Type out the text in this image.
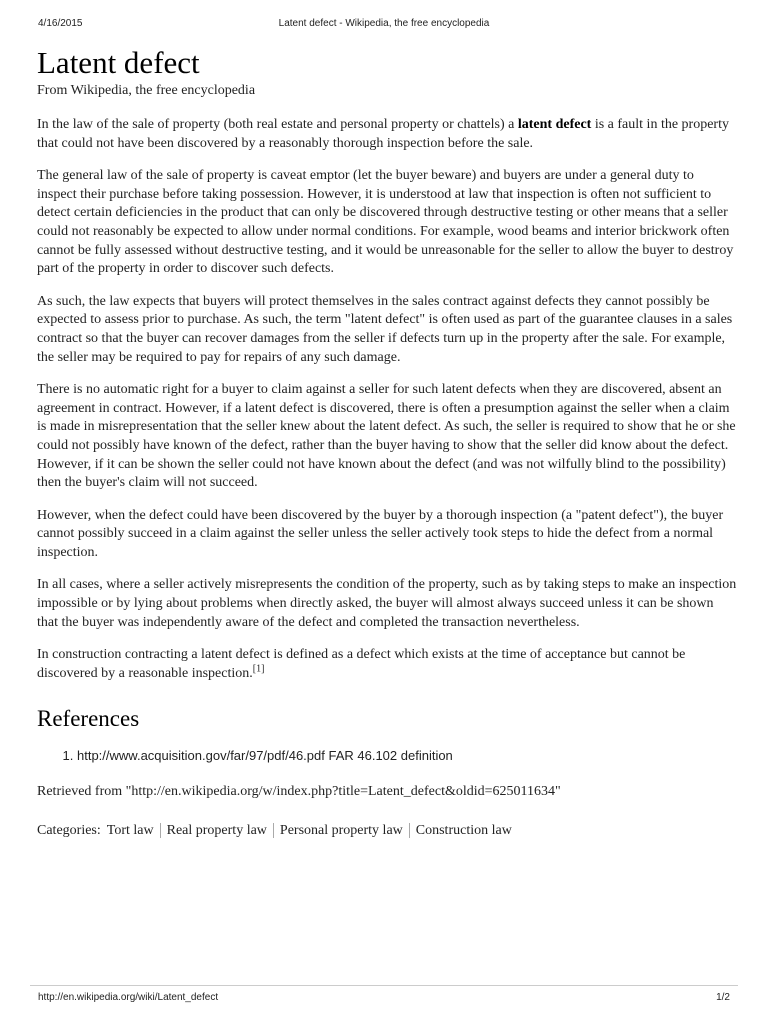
4/16/2015	Latent defect - Wikipedia, the free encyclopedia
Latent defect
From Wikipedia, the free encyclopedia

In the law of the sale of property (both real estate and personal property or chattels) a latent defect is a fault in the property that could not have been discovered by a reasonably thorough inspection before the sale.

The general law of the sale of property is caveat emptor (let the buyer beware) and buyers are under a general duty to inspect their purchase before taking possession. However, it is understood at law that inspection is often not sufficient to detect certain deficiencies in the product that can only be discovered through destructive testing or other means that a seller could not reasonably be expected to allow under normal conditions. For example, wood beams and interior brickwork often cannot be fully assessed without destructive testing, and it would be unreasonable for the seller to allow the buyer to destroy part of the property in order to discover such defects.

As such, the law expects that buyers will protect themselves in the sales contract against defects they cannot possibly be expected to assess prior to purchase. As such, the term "latent defect" is often used as part of the guarantee clauses in a sales contract so that the buyer can recover damages from the seller if defects turn up in the property after the sale. For example, the seller may be required to pay for repairs of any such damage.

There is no automatic right for a buyer to claim against a seller for such latent defects when they are discovered, absent an agreement in contract. However, if a latent defect is discovered, there is often a presumption against the seller when a claim is made in misrepresentation that the seller knew about the latent defect. As such, the seller is required to show that he or she could not possibly have known of the defect, rather than the buyer having to show that the seller did know about the defect. However, if it can be shown the seller could not have known about the defect (and was not wilfully blind to the possibility) then the buyer's claim will not succeed.

However, when the defect could have been discovered by the buyer by a thorough inspection (a "patent defect"), the buyer cannot possibly succeed in a claim against the seller unless the seller actively took steps to hide the defect from a normal inspection.

In all cases, where a seller actively misrepresents the condition of the property, such as by taking steps to make an inspection impossible or by lying about problems when directly asked, the buyer will almost always succeed unless it can be shown that the buyer was independently aware of the defect and completed the transaction nevertheless.

In construction contracting a latent defect is defined as a defect which exists at the time of acceptance but cannot be discovered by a reasonable inspection.[1]

References
1. http://www.acquisition.gov/far/97/pdf/46.pdf FAR 46.102 definition
Retrieved from "http://en.wikipedia.org/w/index.php?title=Latent_defect&oldid=625011634"
Categories: Tort law Real property law Personal property law Construction law
http://en.wikipedia.org/wiki/Latent_defect	1/2
